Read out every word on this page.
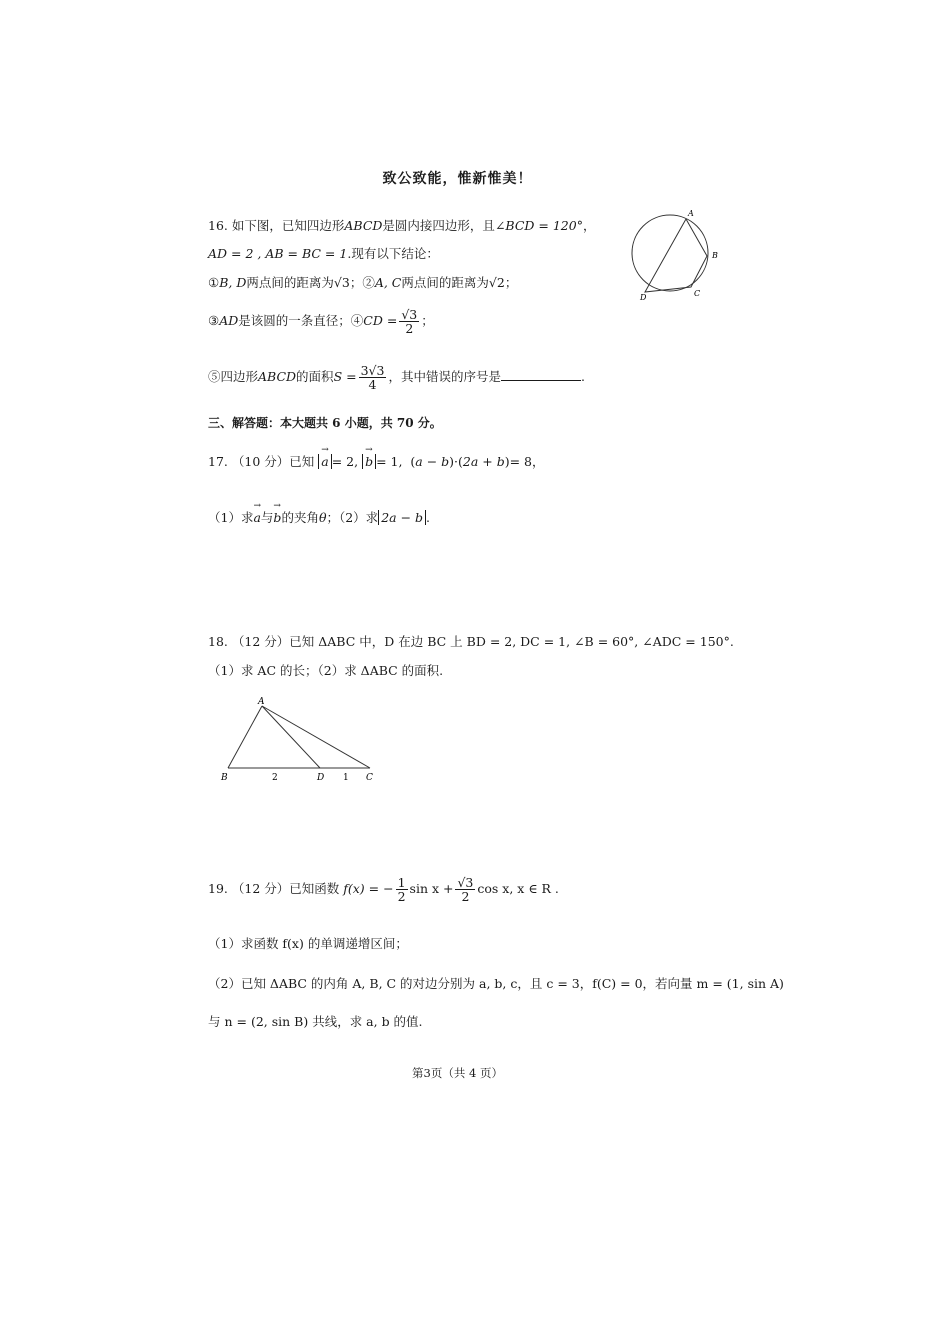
致公致能，惟新惟美！
16. 如下图，已知四边形ABCD是圆内接四边形，且∠BCD = 120°，
AD = 2 , AB = BC = 1.现有以下结论：
①B, D两点间的距离为√3；②A, C两点间的距离为√2；
③AD是该圆的一条直径；④CD = $\frac{√3}{2}$ ；
⑤四边形ABCD的面积$S = \frac{3√3}{4}$ ，其中错误的序号是	.
A
B
C
D
三、解答题：本大题共 6 小题，共 70 分。
17. （10 分）已知 → a = 2, → b = 1,  (a − b)·(2a + b)= 8，
（1）求→ a与→ b的夹角θ；（2）求 2a − b .
18. （12 分）已知 ΔABC 中，D 在边 BC 上 BD = 2, DC = 1, ∠B = 60°, ∠ADC = 150°.
（1）求 AC 的长；（2）求 ΔABC 的面积.
A
B	D	C
2	1
19. （12 分）已知函数 f(x) = − $\frac{1}{2}$ $\sin x + \frac{√3}{2}$ cos x, x ∈ R .
（1）求函数 f(x) 的单调递增区间；
（2）已知 ΔABC 的内角 A, B, C 的对边分别为 a, b, c，且 c = 3，f(C) = 0，若向量 m = (1, sin A)
与 n = (2, sin B) 共线，求 a, b 的值.
第3页（共 4 页）
